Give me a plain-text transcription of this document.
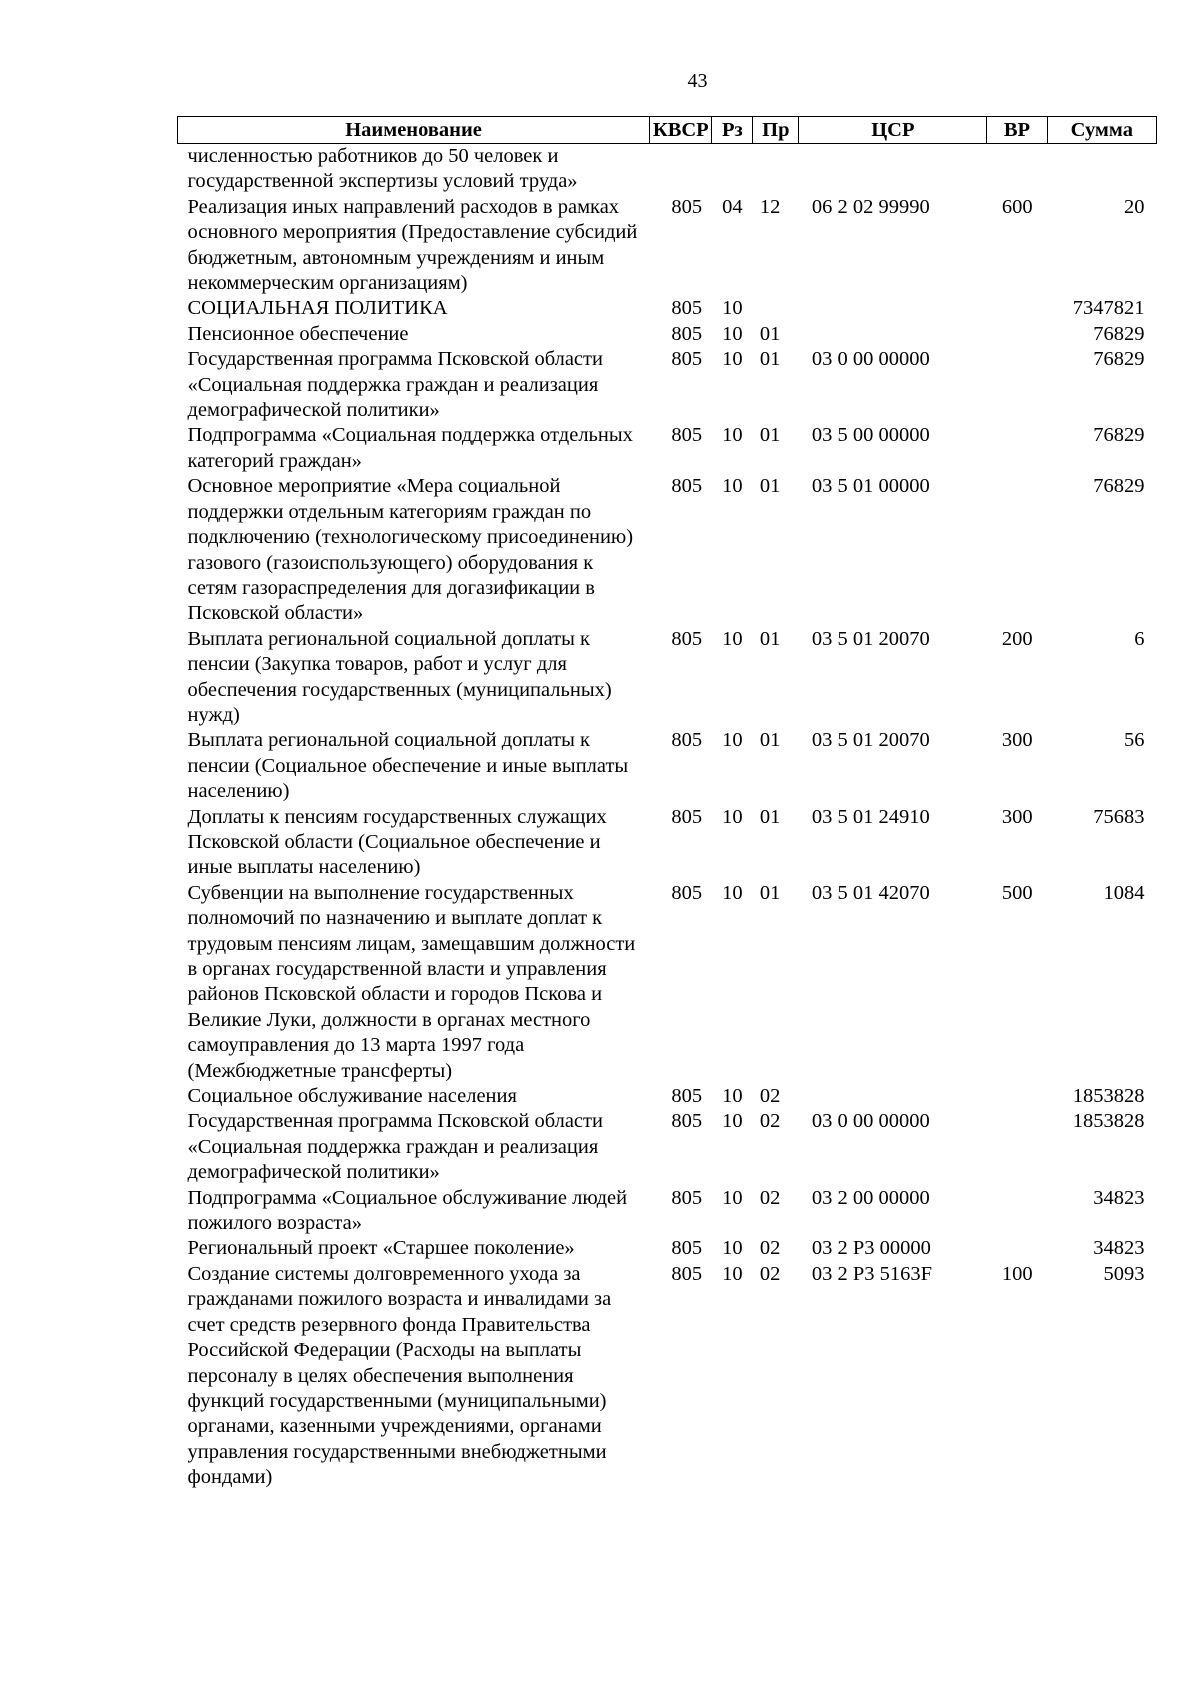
43
Наименование	КВСР	Рз	Пр	ЦСР	ВР	Сумма
численностью работников до 50 человек и государственной экспертизы условий труда»						
Реализация иных направлений расходов в рамках основного мероприятия (Предоставление субсидий бюджетным, автономным учреждениям и иным некоммерческим организациям)	805	04	12	06 2 02 99990	600	20
СОЦИАЛЬНАЯ ПОЛИТИКА	805	10				7347821
Пенсионное обеспечение	805	10	01			76829
Государственная программа Псковской области «Социальная поддержка граждан и реализация демографической политики»	805	10	01	03 0 00 00000		76829
Подпрограмма «Социальная поддержка отдельных категорий граждан»	805	10	01	03 5 00 00000		76829
Основное мероприятие «Мера социальной поддержки отдельным категориям граждан по подключению (технологическому присоединению) газового (газоиспользующего) оборудования к сетям газораспределения для догазификации в Псковской области»	805	10	01	03 5 01 00000		76829
Выплата региональной социальной доплаты к пенсии (Закупка товаров, работ и услуг для обеспечения государственных (муниципальных) нужд)	805	10	01	03 5 01 20070	200	6
Выплата региональной социальной доплаты к пенсии (Социальное обеспечение и иные выплаты населению)	805	10	01	03 5 01 20070	300	56
Доплаты к пенсиям государственных служащих Псковской области (Социальное обеспечение и иные выплаты населению)	805	10	01	03 5 01 24910	300	75683
Субвенции на выполнение государственных полномочий по назначению и выплате доплат к трудовым пенсиям лицам, замещавшим должности в органах государственной власти и управления районов Псковской области и городов Пскова и Великие Луки, должности в органах местного самоуправления до 13 марта 1997 года (Межбюджетные трансферты)	805	10	01	03 5 01 42070	500	1084
Социальное обслуживание населения	805	10	02			1853828
Государственная программа Псковской области «Социальная поддержка граждан и реализация демографической политики»	805	10	02	03 0 00 00000		1853828
Подпрограмма «Социальное обслуживание людей пожилого возраста»	805	10	02	03 2 00 00000		34823
Региональный проект «Старшее поколение»	805	10	02	03 2 P3 00000		34823
Создание системы долговременного ухода за гражданами пожилого возраста и инвалидами за счет средств резервного фонда Правительства Российской Федерации (Расходы на выплаты персоналу в целях обеспечения выполнения функций государственными (муниципальными) органами, казенными учреждениями, органами управления государственными внебюджетными фондами)	805	10	02	03 2 P3 5163F	100	5093
